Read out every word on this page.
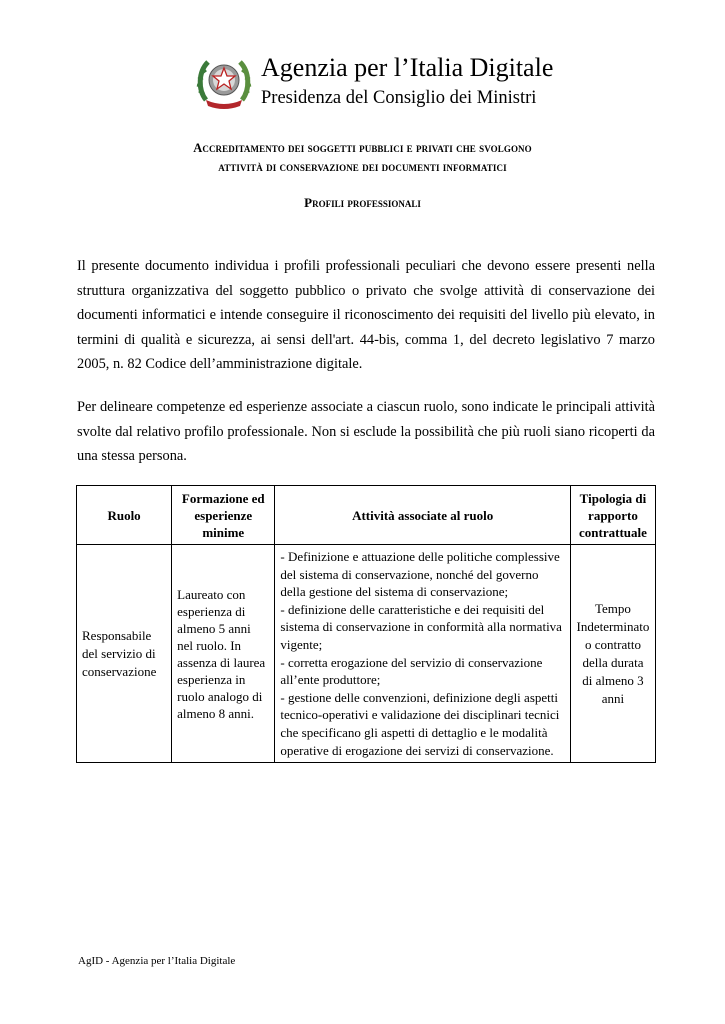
Agenzia per l’Italia Digitale
Presidenza del Consiglio dei Ministri
Accreditamento dei soggetti pubblici e privati che svolgono
attività di conservazione dei documenti informatici
Profili professionali

Il presente documento individua i profili professionali peculiari che devono essere presenti nella struttura organizzativa del soggetto pubblico o privato che svolge attività di conservazione dei documenti informatici e intende conseguire il riconoscimento dei requisiti del livello più elevato, in termini di qualità e sicurezza, ai sensi dell'art. 44-bis, comma 1, del decreto legislativo 7 marzo 2005, n. 82 Codice dell’amministrazione digitale.

Per delineare competenze ed esperienze associate a ciascun ruolo, sono indicate le principali attività svolte dal relativo profilo professionale. Non si esclude la possibilità che più ruoli siano ricoperti da una stessa persona.

Ruolo	Formazione ed esperienze minime	Attività associate al ruolo	Tipologia di rapporto contrattuale
Responsabile del servizio di conservazione	Laureato con esperienza di almeno 5 anni nel ruolo. In assenza di laurea esperienza in ruolo analogo di almeno 8 anni.	- Definizione e attuazione delle politiche complessive del sistema di conservazione, nonché del governo della gestione del sistema di conservazione;
- definizione delle caratteristiche e dei requisiti del sistema di conservazione in conformità alla normativa vigente;
- corretta erogazione del servizio di conservazione all’ente produttore;
- gestione delle convenzioni, definizione degli aspetti tecnico-operativi e validazione dei disciplinari tecnici che specificano gli aspetti di dettaglio e le modalità operative di erogazione dei servizi di conservazione.	Tempo Indeterminato o contratto della durata di almeno 3 anni
AgID - Agenzia per l’Italia Digitale
